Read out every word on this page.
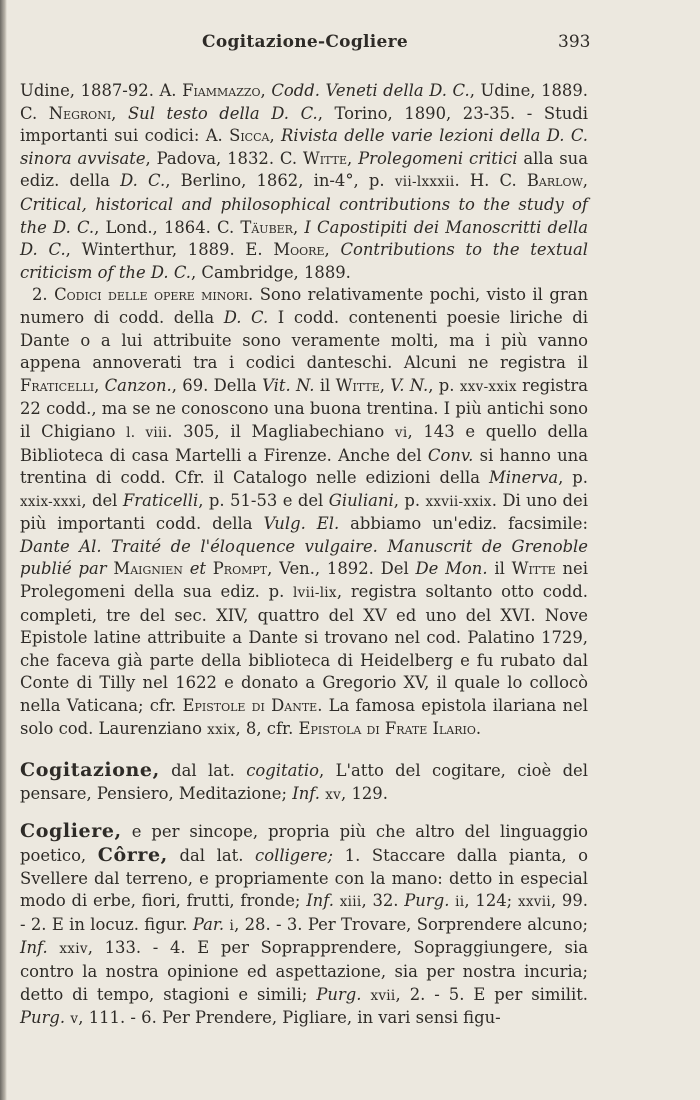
Cogitazione-Cogliere	393

Udine, 1887-92. A. Fiammazzo, Codd. Veneti della D. C., Udine, 1889. C. Negroni, Sul testo della D. C., Torino, 1890, 23-35. - Studi importanti sui codici: A. Sicca, Rivista delle varie lezioni della D. C. sinora avvisate, Padova, 1832. C. Witte, Prolegomeni critici alla sua ediz. della D. C., Berlino, 1862, in-4°, p. vii-lxxxii. H. C. Barlow, Critical, historical and philosophical contributions to the study of the D. C., Lond., 1864. C. Täuber, I Capostipiti dei Manoscritti della D. C., Winterthur, 1889. E. Moore, Contributions to the textual criticism of the D. C., Cambridge, 1889.

2. Codici delle opere minori. Sono relativamente pochi, visto il gran numero di codd. della D. C. I codd. contenenti poesie liriche di Dante o a lui attribuite sono veramente molti, ma i più vanno appena annoverati tra i codici danteschi. Alcuni ne registra il Fraticelli, Canzon., 69. Della Vit. N. il Witte, V. N., p. xxv-xxix registra 22 codd., ma se ne conoscono una buona trentina. I più antichi sono il Chigiano l. viii. 305, il Magliabechiano vi, 143 e quello della Biblioteca di casa Martelli a Firenze. Anche del Conv. si hanno una trentina di codd. Cfr. il Catalogo nelle edizioni della Minerva, p. xxix-xxxi, del Fraticelli, p. 51-53 e del Giuliani, p. xxvii-xxix. Di uno dei più importanti codd. della Vulg. El. abbiamo un'ediz. facsimile: Dante Al. Traité de l'éloquence vulgaire. Manuscrit de Grenoble publié par Maignien et Prompt, Ven., 1892. Del De Mon. il Witte nei Prolegomeni della sua ediz. p. lvii-lix, registra soltanto otto codd. completi, tre del sec. XIV, quattro del XV ed uno del XVI. Nove Epistole latine attribuite a Dante si trovano nel cod. Palatino 1729, che faceva già parte della biblioteca di Heidelberg e fu rubato dal Conte di Tilly nel 1622 e donato a Gregorio XV, il quale lo collocò nella Vaticana; cfr. Epistole di Dante. La famosa epistola ilariana nel solo cod. Laurenziano xxix, 8, cfr. Epistola di Frate Ilario.

Cogitazione, dal lat. cogitatio, L'atto del cogitare, cioè del pensare, Pensiero, Meditazione; Inf. xv, 129.

Cogliere, e per sincope, propria più che altro del linguaggio poetico, Côrre, dal lat. colligere; 1. Staccare dalla pianta, o Svellere dal terreno, e propriamente con la mano: detto in especial modo di erbe, fiori, frutti, fronde; Inf. xiii, 32. Purg. ii, 124; xxvii, 99. - 2. E in locuz. figur. Par. i, 28. - 3. Per Trovare, Sorprendere alcuno; Inf. xxiv, 133. - 4. E per Soprapprendere, Sopraggiungere, sia contro la nostra opinione ed aspettazione, sia per nostra incuria; detto di tempo, stagioni e simili; Purg. xvii, 2. - 5. E per similit. Purg. v, 111. - 6. Per Prendere, Pigliare, in vari sensi figu-
